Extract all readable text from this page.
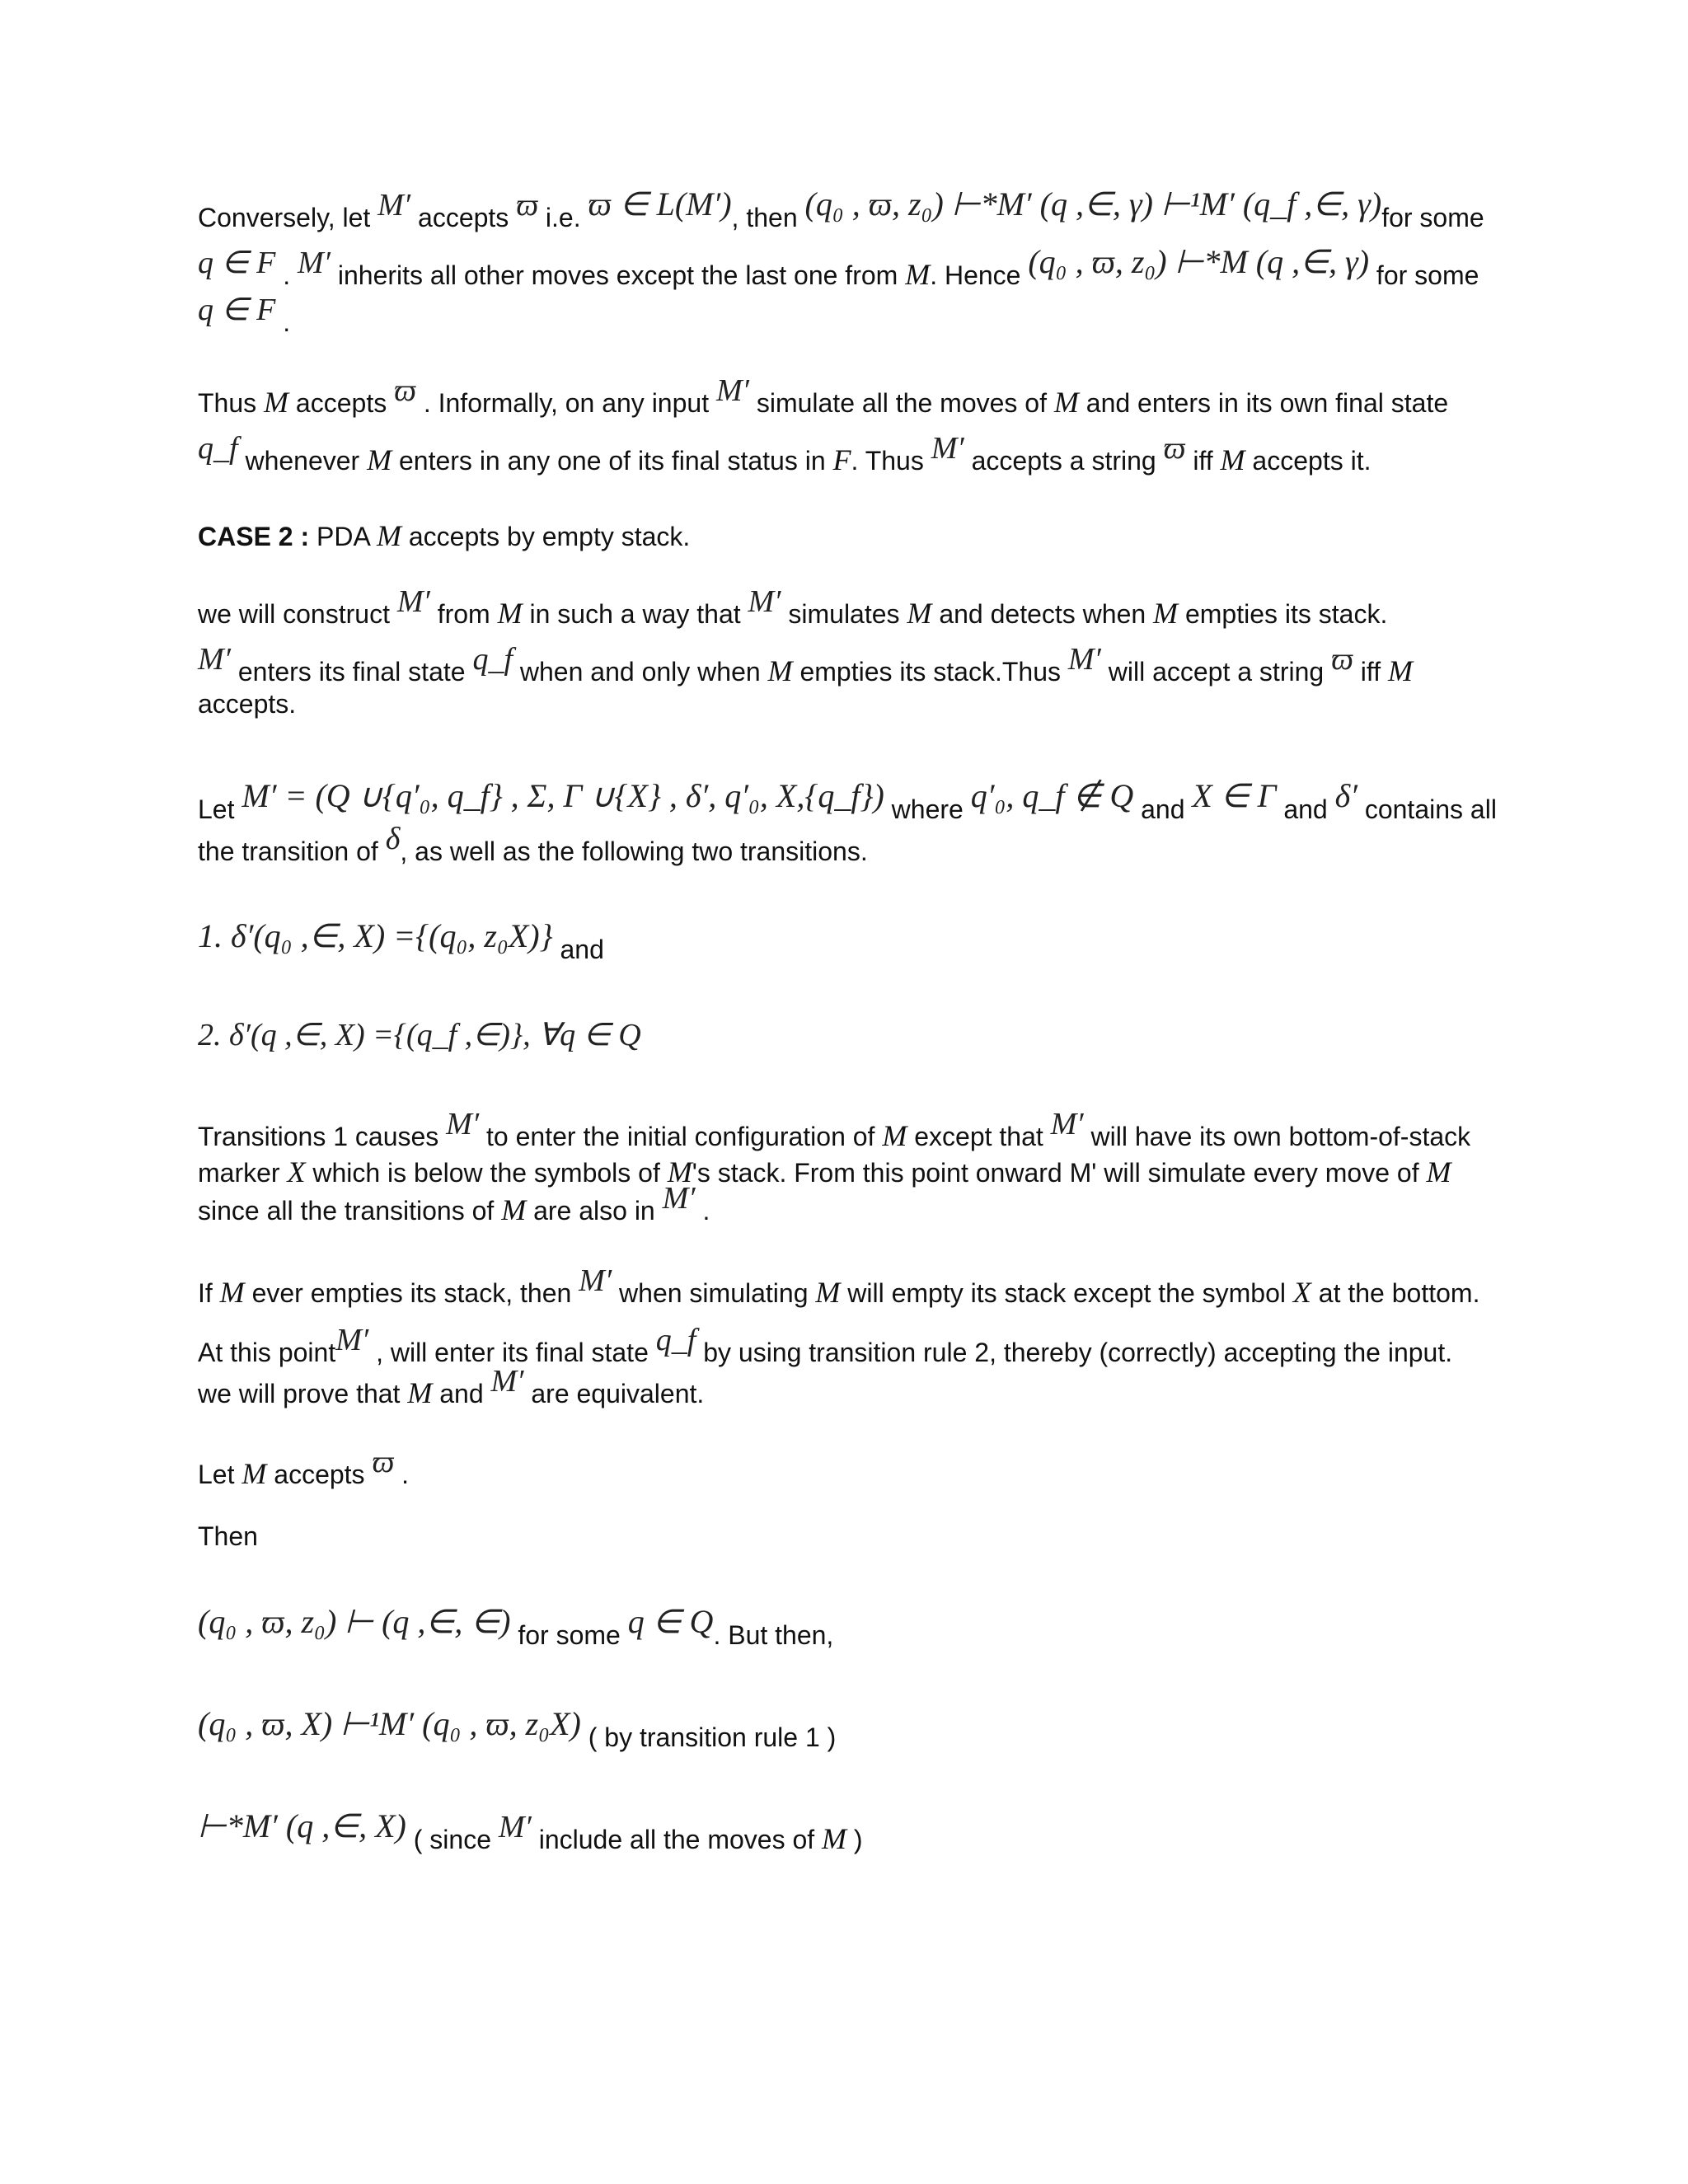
Conversely, let M′ accepts ϖ i.e. ϖ ∈ L(M′), then (q₀ , ϖ, z₀) ⊢*M′ (q ,∈, γ) ⊢¹M′ (q_f ,∈, γ)for some
q ∈ F . M′ inherits all other moves except the last one from M. Hence (q₀ , ϖ, z₀) ⊢*M (q ,∈, γ) for some
q ∈ F .
Thus M accepts ϖ . Informally, on any input M′ simulate all the moves of M and enters in its own final state
q_f whenever M enters in any one of its final status in F. Thus M′ accepts a string ϖ iff M accepts it.
CASE 2 : PDA M accepts by empty stack.
we will construct M′ from M in such a way that M′ simulates M and detects when M empties its stack.
M′ enters its final state q_f when and only when M empties its stack.Thus M′ will accept a string ϖ iff M
accepts.
Let M′ = (Q ∪{q′₀, q_f} , Σ, Γ ∪{X} , δ′, q′₀, X,{q_f}) where q′₀, q_f ∉ Q and X ∈ Γ and δ′ contains all
the transition of δ, as well as the following two transitions.
1. δ′(q₀ ,∈, X) ={(q₀, z₀X)} and
2. δ′(q ,∈, X) ={(q_f ,∈)}, ∀q ∈ Q
Transitions 1 causes M′ to enter the initial configuration of M except that M′ will have its own bottom-of-stack
marker X which is below the symbols of M's stack. From this point onward M' will simulate every move of M
since all the transitions of M are also in M′ .
If M ever empties its stack, then M′ when simulating M will empty its stack except the symbol X at the bottom.
At this pointM′ , will enter its final state q_f by using transition rule 2, thereby (correctly) accepting the input.
we will prove that M and M′ are equivalent.
Let M accepts ϖ .
Then
(q₀ , ϖ, z₀) ⊢ (q ,∈, ∈) for some q ∈ Q. But then,
(q₀ , ϖ, X) ⊢¹M′ (q₀ , ϖ, z₀X) ( by transition rule 1 )
⊢*M′ (q ,∈, X) ( since M′ include all the moves of M )
